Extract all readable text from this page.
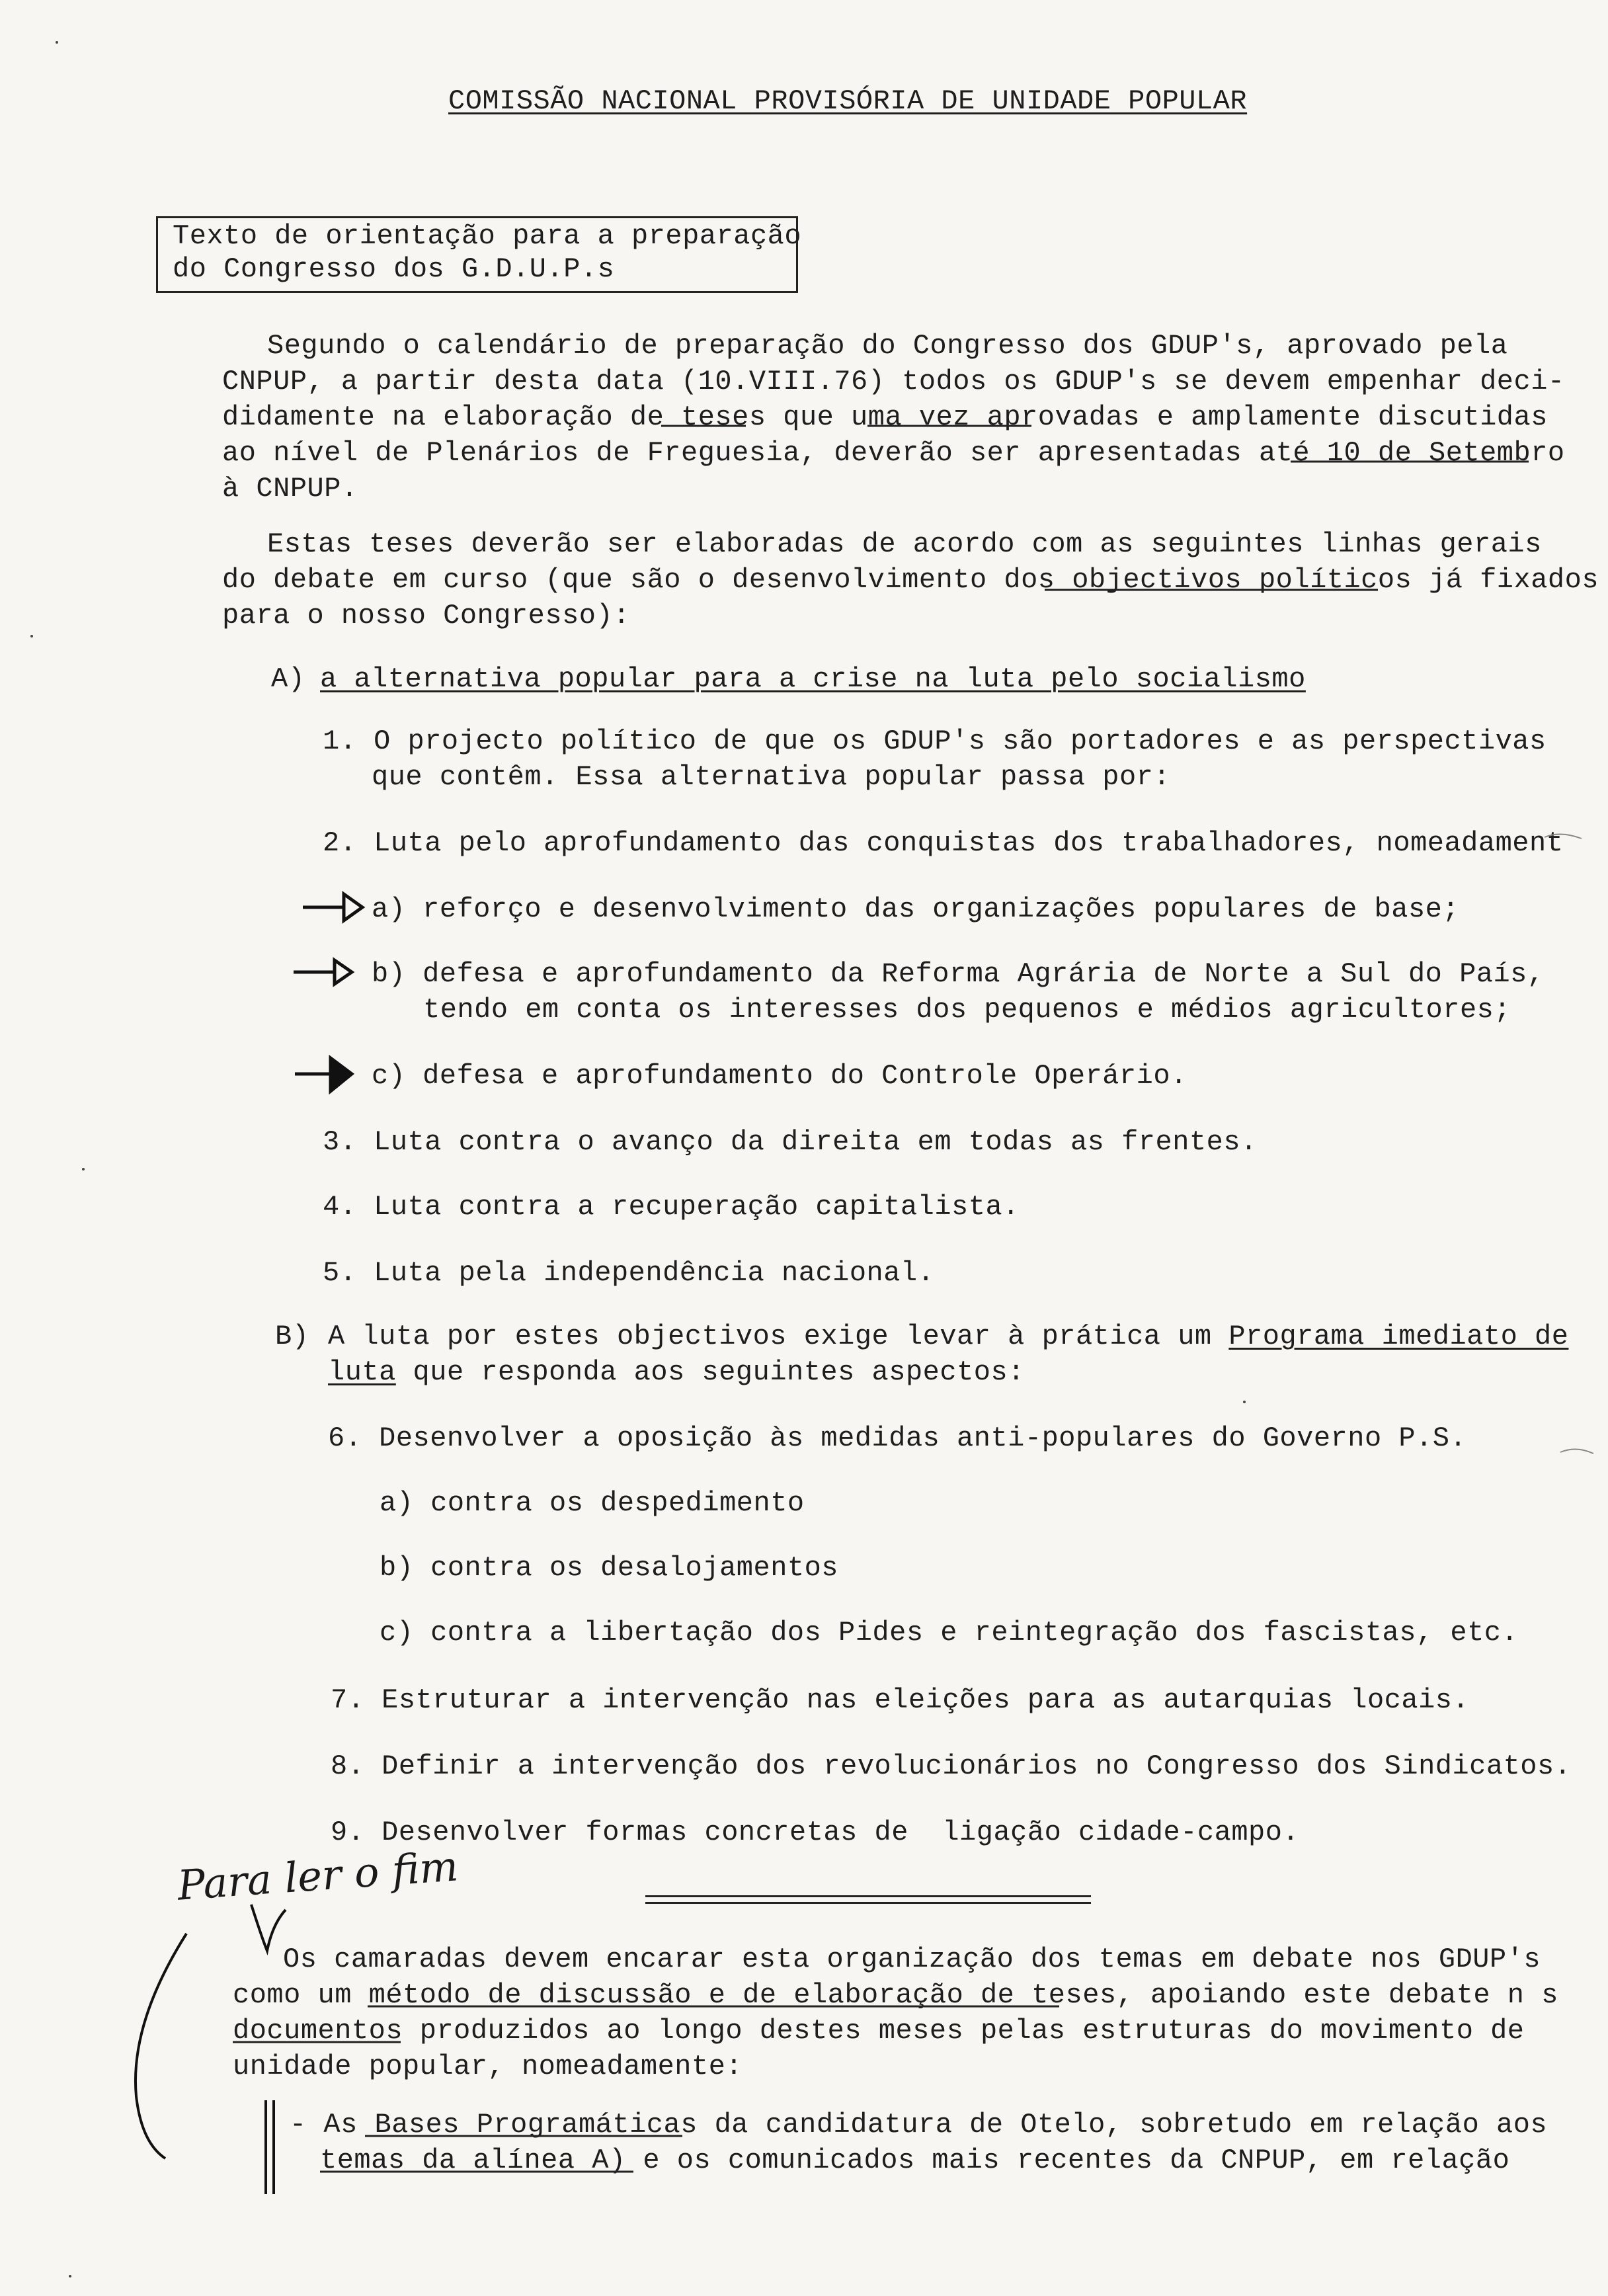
COMISSÃO NACIONAL PROVISÓRIA DE UNIDADE POPULAR
Texto de orientação para a preparação
do Congresso dos G.D.U.P.s
Segundo o calendário de preparação do Congresso dos GDUP's, aprovado pela
CNPUP, a partir desta data (10.VIII.76) todos os GDUP's se devem empenhar deci-
didamente na elaboração de teses que uma vez aprovadas e amplamente discutidas
ao nível de Plenários de Freguesia, deverão ser apresentadas até 10 de Setembro
à CNPUP.
Estas teses deverão ser elaboradas de acordo com as seguintes linhas gerais
do debate em curso (que são o desenvolvimento dos objectivos políticos já fixados
para o nosso Congresso):
A) a alternativa popular para a crise na luta pelo socialismo
1. O projecto político de que os GDUP's são portadores e as perspectivas
que contêm. Essa alternativa popular passa por:
2. Luta pelo aprofundamento das conquistas dos trabalhadores, nomeadament
a) reforço e desenvolvimento das organizações populares de base;
b) defesa e aprofundamento da Reforma Agrária de Norte a Sul do País,
tendo em conta os interesses dos pequenos e médios agricultores;
c) defesa e aprofundamento do Controle Operário.
3. Luta contra o avanço da direita em todas as frentes.
4. Luta contra a recuperação capitalista.
5. Luta pela independência nacional.
B) A luta por estes objectivos exige levar à prática um Programa imediato de
luta que responda aos seguintes aspectos:
6. Desenvolver a oposição às medidas anti-populares do Governo P.S.
a) contra os despedimento
b) contra os desalojamentos
c) contra a libertação dos Pides e reintegração dos fascistas, etc.
7. Estruturar a intervenção nas eleições para as autarquias locais.
8. Definir a intervenção dos revolucionários no Congresso dos Sindicatos.
9. Desenvolver formas concretas de  ligação cidade-campo.
Para ler o fim
Os camaradas devem encarar esta organização dos temas em debate nos GDUP's
como um método de discussão e de elaboração de teses, apoiando este debate n s
documentos produzidos ao longo destes meses pelas estruturas do movimento de
unidade popular, nomeadamente:
- As Bases Programáticas da candidatura de Otelo, sobretudo em relação aos
temas da alínea A) e os comunicados mais recentes da CNPUP, em relação
